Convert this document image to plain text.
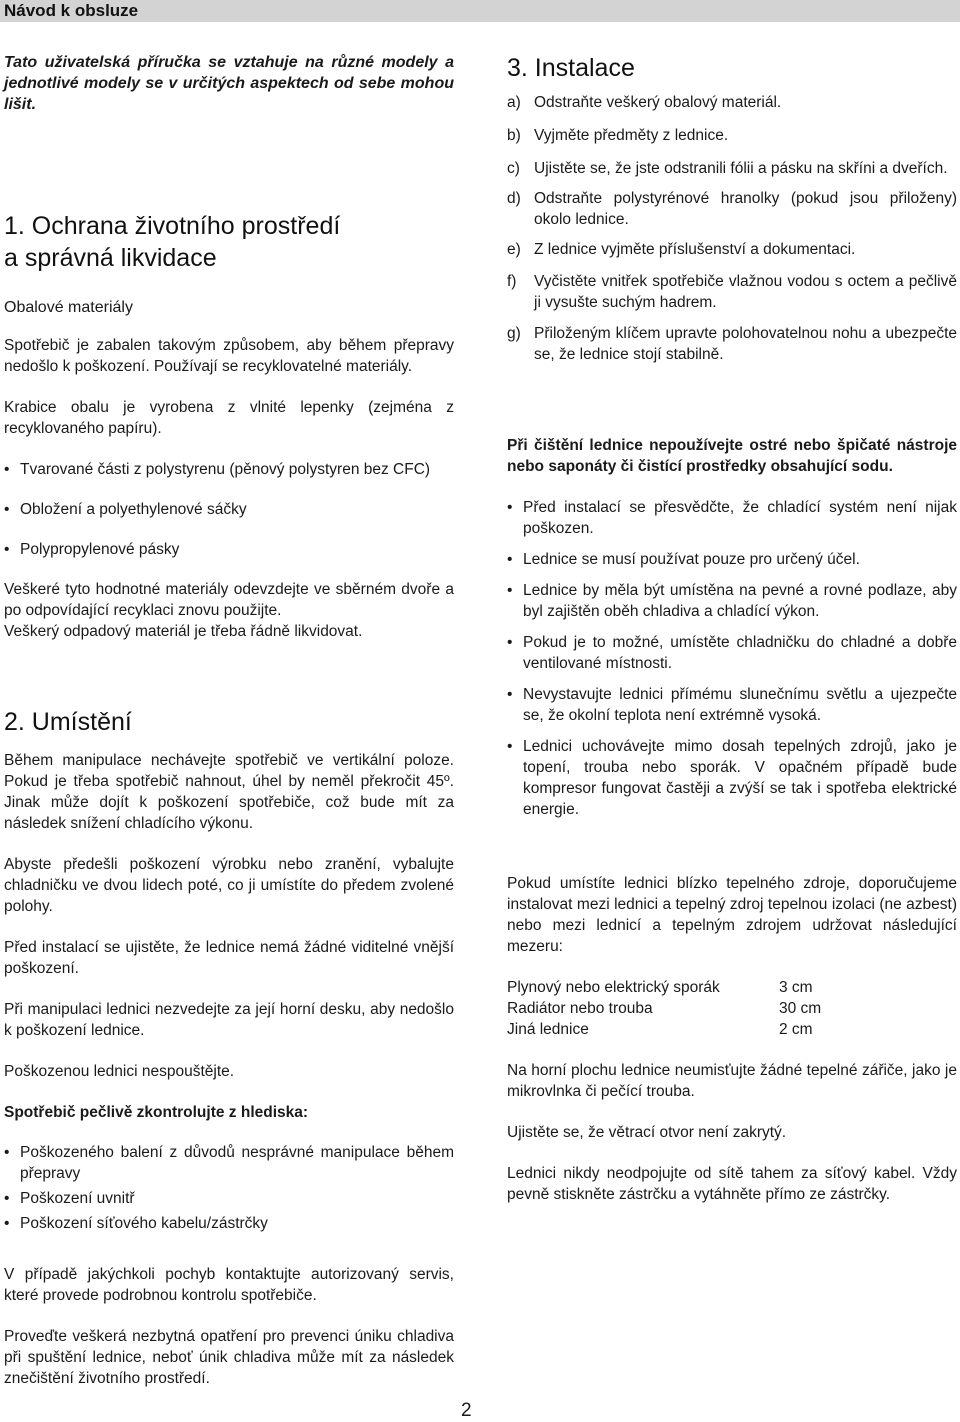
Návod k obsluze

Tato uživatelská příručka se vztahuje na různé modely a jednotlivé modely se v určitých aspektech od sebe mohou lišit.

1. Ochrana životního prostředí
a správná likvidace
Obalové materiály

Spotřebič je zabalen takovým způsobem, aby během přepravy nedošlo k poškození. Používají se recyklovatelné materiály.

Krabice obalu je vyrobena z vlnité lepenky (zejména z recyklovaného papíru).

• Tvarované části z polystyrenu (pěnový polystyren bez CFC)
• Obložení a polyethylenové sáčky
• Polypropylenové pásky

Veškeré tyto hodnotné materiály odevzdejte ve sběrném dvoře a po odpovídající recyklaci znovu použijte.

Veškerý odpadový materiál je třeba řádně likvidovat.

2. Umístění

Během manipulace nechávejte spotřebič ve vertikální poloze. Pokud je třeba spotřebič nahnout, úhel by neměl překročit 45º. Jinak může dojít k poškození spotřebiče, což bude mít za následek snížení chladícího výkonu.

Abyste předešli poškození výrobku nebo zranění, vybalujte chladničku ve dvou lidech poté, co ji umístíte do předem zvolené polohy.

Před instalací se ujistěte, že lednice nemá žádné viditelné vnější poškození.

Při manipulaci lednici nezvedejte za její horní desku, aby nedošlo k poškození lednice.

Poškozenou lednici nespouštějte.

Spotřebič pečlivě zkontrolujte z hlediska:

• Poškozeného balení z důvodů nesprávné manipulace během přepravy
• Poškození uvnitř
• Poškození síťového kabelu/zástrčky

V případě jakýchkoli pochyb kontaktujte autorizovaný servis, které provede podrobnou kontrolu spotřebiče.

Proveďte veškerá nezbytná opatření pro prevenci úniku chladiva při spuštění lednice, neboť únik chladiva může mít za následek znečištění životního prostředí.

3. Instalace
a) Odstraňte veškerý obalový materiál.
b) Vyjměte předměty z lednice.
c) Ujistěte se, že jste odstranili fólii a pásku na skříni a dveřích.
d) Odstraňte polystyrénové hranolky (pokud jsou přiloženy) okolo lednice.
e) Z lednice vyjměte příslušenství a dokumentaci.
f) Vyčistěte vnitřek spotřebiče vlažnou vodou s octem a pečlivě ji vysušte suchým hadrem.
g) Přiloženým klíčem upravte polohovatelnou nohu a ubezpečte se, že lednice stojí stabilně.

Při čištění lednice nepoužívejte ostré nebo špičaté nástroje nebo saponáty či čistící prostředky obsahující sodu.

• Před instalací se přesvědčte, že chladící systém není nijak poškozen.
• Lednice se musí používat pouze pro určený účel.
• Lednice by měla být umístěna na pevné a rovné podlaze, aby byl zajištěn oběh chladiva a chladící výkon.
• Pokud je to možné, umístěte chladničku do chladné a dobře ventilované místnosti.
• Nevystavujte lednici přímému slunečnímu světlu a ujezpečte se, že okolní teplota není extrémně vysoká.
• Lednici uchovávejte mimo dosah tepelných zdrojů, jako je topení, trouba nebo sporák. V opačném případě bude kompresor fungovat častěji a zvýší se tak i spotřeba elektrické energie.

Pokud umístíte lednici blízko tepelného zdroje, doporučujeme instalovat mezi lednici a tepelný zdroj tepelnou izolaci (ne azbest) nebo mezi lednicí a tepelným zdrojem udržovat následující mezeru:

Plynový nebo elektrický sporák	3 cm
Radiátor nebo trouba	30 cm
Jiná lednice	2 cm

Na horní plochu lednice neumisťujte žádné tepelné zářiče, jako je mikrovlnka či pečící trouba.

Ujistěte se, že větrací otvor není zakrytý.

Lednici nikdy neodpojujte od sítě tahem za síťový kabel. Vždy pevně stiskněte zástrčku a vytáhněte přímo ze zástrčky.

2
